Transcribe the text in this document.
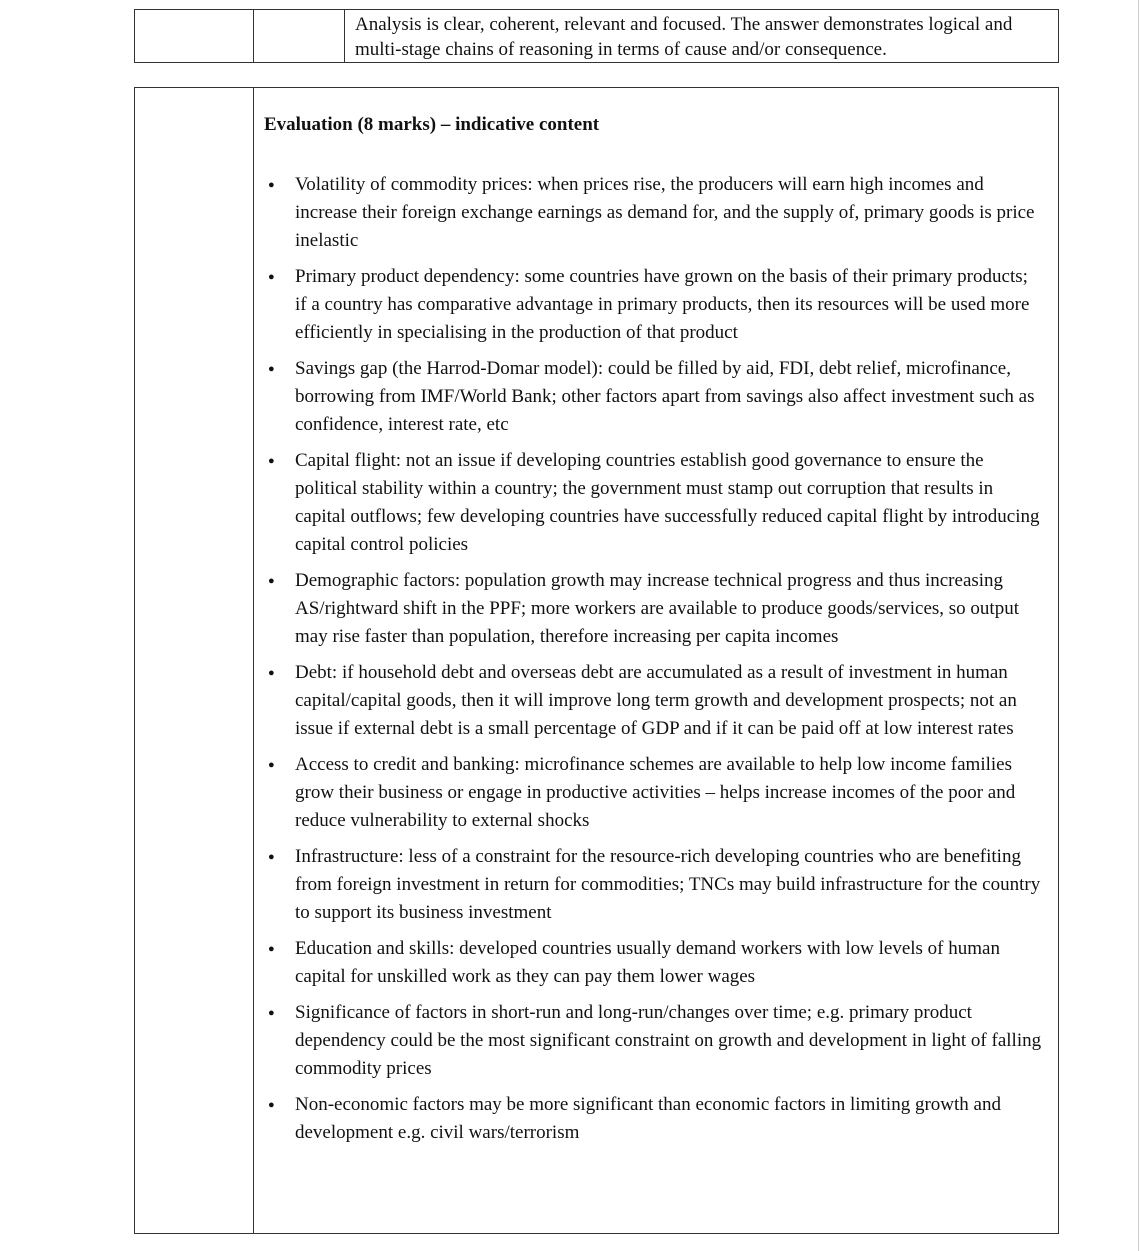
		Analysis is clear, coherent, relevant and focused. The answer demonstrates logical and multi-stage chains of reasoning in terms of cause and/or consequence.

Evaluation (8 marks) – indicative content
● Volatility of commodity prices: when prices rise, the producers will earn high incomes and increase their foreign exchange earnings as demand for, and the supply of, primary goods is price inelastic
● Primary product dependency: some countries have grown on the basis of their primary products; if a country has comparative advantage in primary products, then its resources will be used more efficiently in specialising in the production of that product
● Savings gap (the Harrod-Domar model): could be filled by aid, FDI, debt relief, microfinance, borrowing from IMF/World Bank; other factors apart from savings also affect investment such as confidence, interest rate, etc
● Capital flight: not an issue if developing countries establish good governance to ensure the political stability within a country; the government must stamp out corruption that results in capital outflows; few developing countries have successfully reduced capital flight by introducing capital control policies
● Demographic factors: population growth may increase technical progress and thus increasing AS/rightward shift in the PPF; more workers are available to produce goods/services, so output may rise faster than population, therefore increasing per capita incomes
● Debt: if household debt and overseas debt are accumulated as a result of investment in human capital/capital goods, then it will improve long term growth and development prospects; not an issue if external debt is a small percentage of GDP and if it can be paid off at low interest rates
● Access to credit and banking: microfinance schemes are available to help low income families grow their business or engage in productive activities – helps increase incomes of the poor and reduce vulnerability to external shocks
● Infrastructure: less of a constraint for the resource-rich developing countries who are benefiting from foreign investment in return for commodities; TNCs may build infrastructure for the country to support its business investment
● Education and skills: developed countries usually demand workers with low levels of human capital for unskilled work as they can pay them lower wages
● Significance of factors in short-run and long-run/changes over time; e.g. primary product dependency could be the most significant constraint on growth and development in light of falling commodity prices
● Non-economic factors may be more significant than economic factors in limiting growth and development e.g. civil wars/terrorism
